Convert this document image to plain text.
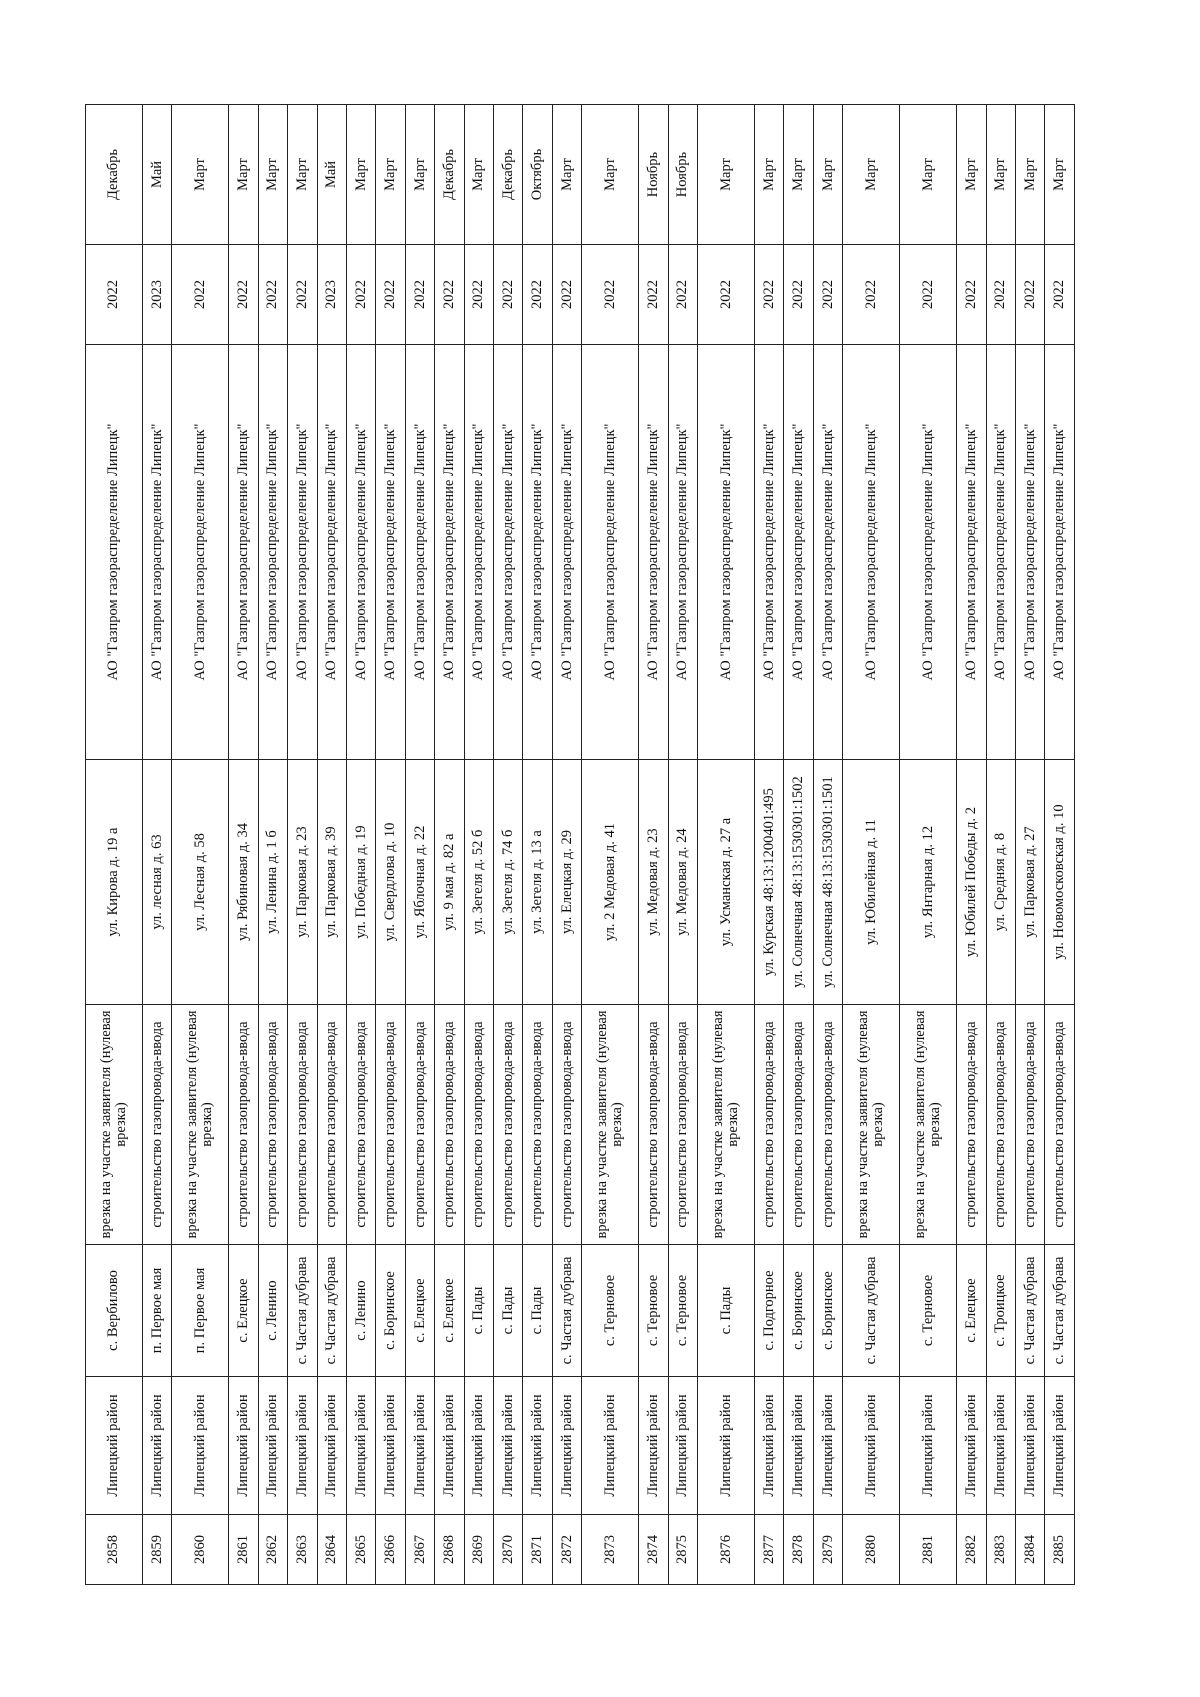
2858	Липецкий район	с. Вербилово	врезка на участке заявителя (нулевая врезка)	ул. Кирова д. 19 а	АО "Газпром газораспределение Липецк"	2022	Декабрь
2859	Липецкий район	п. Первое мая	строительство газопровода-ввода	ул. лесная д. 63	АО "Газпром газораспределение Липецк"	2023	Май
2860	Липецкий район	п. Первое мая	врезка на участке заявителя (нулевая врезка)	ул. Лесная д. 58	АО "Газпром газораспределение Липецк"	2022	Март
2861	Липецкий район	с. Елецкое	строительство газопровода-ввода	ул. Рябиновая д. 34	АО "Газпром газораспределение Липецк"	2022	Март
2862	Липецкий район	с. Ленино	строительство газопровода-ввода	ул. Ленина д. 1 б	АО "Газпром газораспределение Липецк"	2022	Март
2863	Липецкий район	с. Частая дубрава	строительство газопровода-ввода	ул. Парковая д. 23	АО "Газпром газораспределение Липецк"	2022	Март
2864	Липецкий район	с. Частая дубрава	строительство газопровода-ввода	ул. Парковая д. 39	АО "Газпром газораспределение Липецк"	2023	Май
2865	Липецкий район	с. Ленино	строительство газопровода-ввода	ул. Победная д. 19	АО "Газпром газораспределение Липецк"	2022	Март
2866	Липецкий район	с. Боринское	строительство газопровода-ввода	ул. Свердлова д. 10	АО "Газпром газораспределение Липецк"	2022	Март
2867	Липецкий район	с. Елецкое	строительство газопровода-ввода	ул. Яблочная д. 22	АО "Газпром газораспределение Липецк"	2022	Март
2868	Липецкий район	с. Елецкое	строительство газопровода-ввода	ул. 9 мая д. 82 а	АО "Газпром газораспределение Липецк"	2022	Декабрь
2869	Липецкий район	с. Пады	строительство газопровода-ввода	ул. Зегеля д. 52 б	АО "Газпром газораспределение Липецк"	2022	Март
2870	Липецкий район	с. Пады	строительство газопровода-ввода	ул. Зегеля д. 74 б	АО "Газпром газораспределение Липецк"	2022	Декабрь
2871	Липецкий район	с. Пады	строительство газопровода-ввода	ул. Зегеля д. 13 а	АО "Газпром газораспределение Липецк"	2022	Октябрь
2872	Липецкий район	с. Частая дубрава	строительство газопровода-ввода	ул. Елецкая д. 29	АО "Газпром газораспределение Липецк"	2022	Март
2873	Липецкий район	с. Терновое	врезка на участке заявителя (нулевая врезка)	ул. 2 Медовая д. 41	АО "Газпром газораспределение Липецк"	2022	Март
2874	Липецкий район	с. Терновое	строительство газопровода-ввода	ул. Медовая д. 23	АО "Газпром газораспределение Липецк"	2022	Ноябрь
2875	Липецкий район	с. Терновое	строительство газопровода-ввода	ул. Медовая д. 24	АО "Газпром газораспределение Липецк"	2022	Ноябрь
2876	Липецкий район	с. Пады	врезка на участке заявителя (нулевая врезка)	ул. Усманская д. 27 а	АО "Газпром газораспределение Липецк"	2022	Март
2877	Липецкий район	с. Подгорное	строительство газопровода-ввода	ул. Курская 48:13:1200401:495	АО "Газпром газораспределение Липецк"	2022	Март
2878	Липецкий район	с. Боринское	строительство газопровода-ввода	ул. Солнечная 48:13:1530301:1502	АО "Газпром газораспределение Липецк"	2022	Март
2879	Липецкий район	с. Боринское	строительство газопровода-ввода	ул. Солнечная 48:13:1530301:1501	АО "Газпром газораспределение Липецк"	2022	Март
2880	Липецкий район	с. Частая дубрава	врезка на участке заявителя (нулевая врезка)	ул. Юбилейная д. 11	АО "Газпром газораспределение Липецк"	2022	Март
2881	Липецкий район	с. Терновое	врезка на участке заявителя (нулевая врезка)	ул. Янтарная д. 12	АО "Газпром газораспределение Липецк"	2022	Март
2882	Липецкий район	с. Елецкое	строительство газопровода-ввода	ул. Юбилей Победы д. 2	АО "Газпром газораспределение Липецк"	2022	Март
2883	Липецкий район	с. Троицкое	строительство газопровода-ввода	ул. Средняя д. 8	АО "Газпром газораспределение Липецк"	2022	Март
2884	Липецкий район	с. Частая дубрава	строительство газопровода-ввода	ул. Парковая д. 27	АО "Газпром газораспределение Липецк"	2022	Март
2885	Липецкий район	с. Частая дубрава	строительство газопровода-ввода	ул. Новомосковская д. 10	АО "Газпром газораспределение Липецк"	2022	Март
